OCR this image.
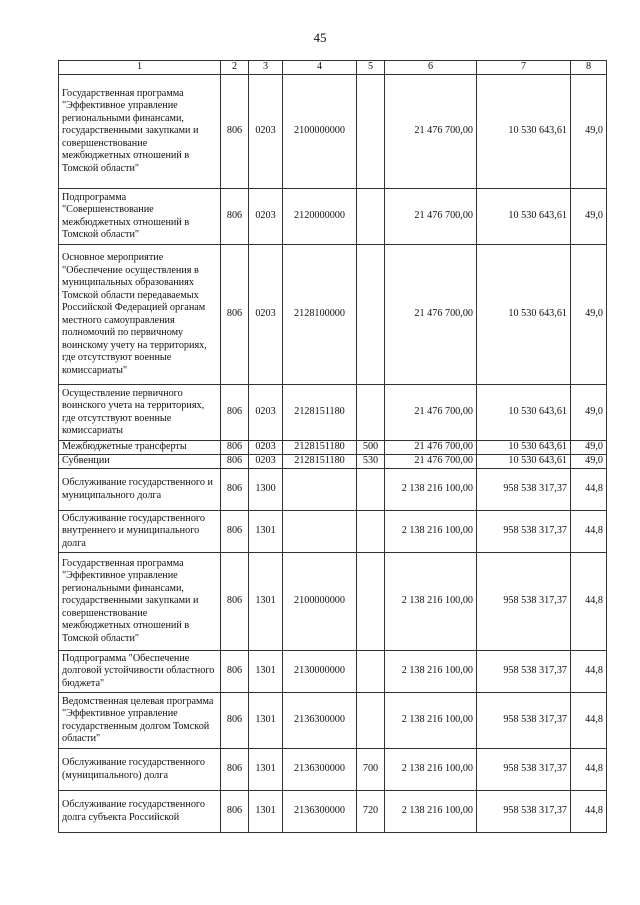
45
1	2	3	4	5	6	7	8
Государственная программа "Эффективное управление региональными финансами, государственными закупками и совершенствование межбюджетных отношений в Томской области"	806	0203	2100000000		21 476 700,00	10 530 643,61	49,0
Подпрограмма "Совершенствование межбюджетных отношений в Томской области"	806	0203	2120000000		21 476 700,00	10 530 643,61	49,0
Основное мероприятие "Обеспечение осуществления в муниципальных образованиях Томской области передаваемых Российской Федерацией органам местного самоуправления полномочий по первичному воинскому учету на территориях, где отсутствуют военные комиссариаты"	806	0203	2128100000		21 476 700,00	10 530 643,61	49,0
Осуществление первичного воинского учета на территориях, где отсутствуют военные комиссариаты	806	0203	2128151180		21 476 700,00	10 530 643,61	49,0
Межбюджетные трансферты	806	0203	2128151180	500	21 476 700,00	10 530 643,61	49,0
Субвенции	806	0203	2128151180	530	21 476 700,00	10 530 643,61	49,0
Обслуживание государственного и муниципального долга	806	1300			2 138 216 100,00	958 538 317,37	44,8
Обслуживание государственного внутреннего и муниципального долга	806	1301			2 138 216 100,00	958 538 317,37	44,8
Государственная программа "Эффективное управление региональными финансами, государственными закупками и совершенствование межбюджетных отношений в Томской области"	806	1301	2100000000		2 138 216 100,00	958 538 317,37	44,8
Подпрограмма "Обеспечение долговой устойчивости областного бюджета"	806	1301	2130000000		2 138 216 100,00	958 538 317,37	44,8
Ведомственная целевая программа "Эффективное управление государственным долгом Томской области"	806	1301	2136300000		2 138 216 100,00	958 538 317,37	44,8
Обслуживание государственного (муниципального) долга	806	1301	2136300000	700	2 138 216 100,00	958 538 317,37	44,8
Обслуживание государственного долга субъекта Российской	806	1301	2136300000	720	2 138 216 100,00	958 538 317,37	44,8
